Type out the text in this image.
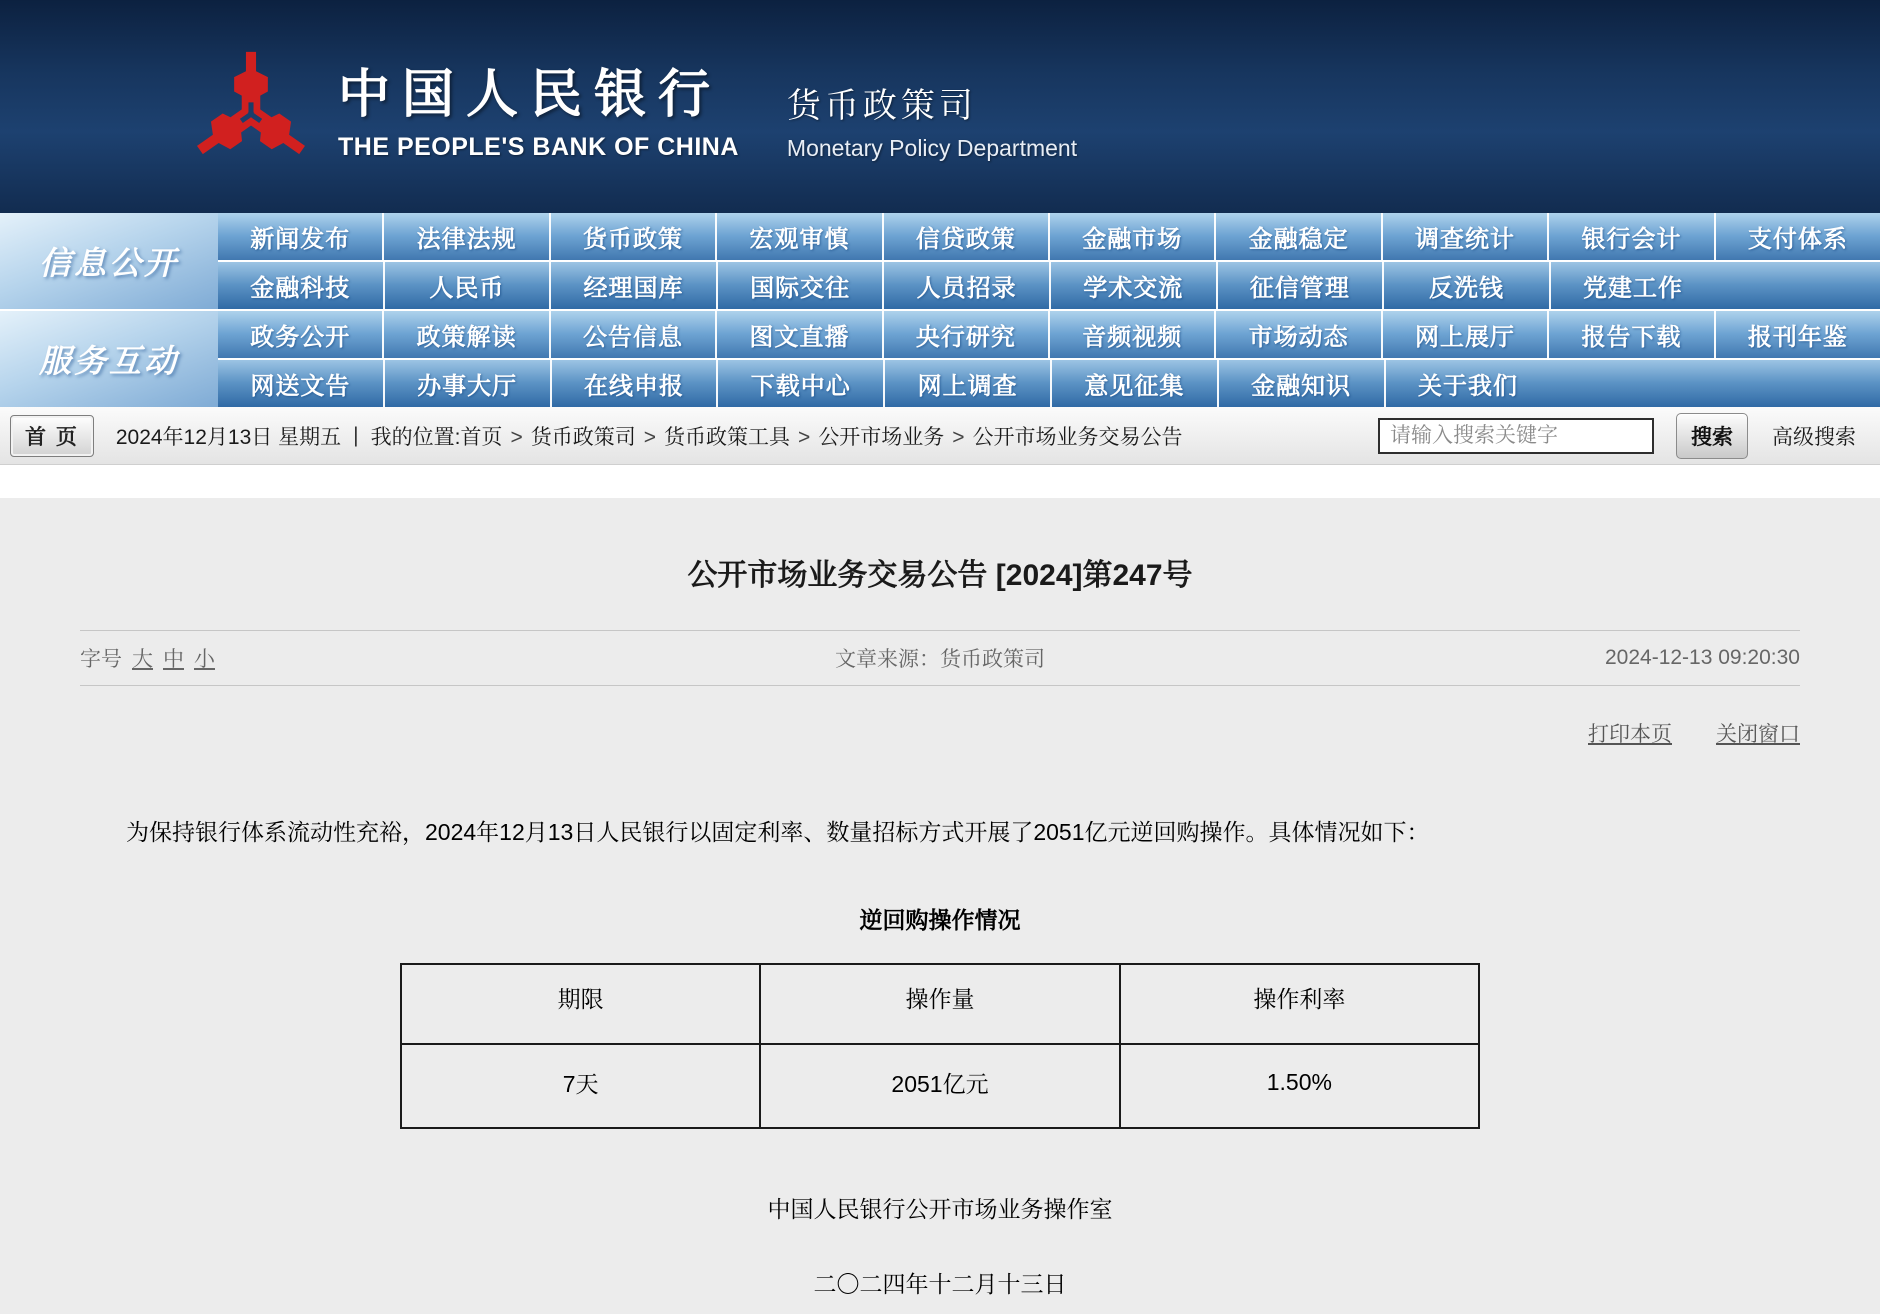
中国人民银行
THE PEOPLE'S BANK OF CHINA
货币政策司
Monetary Policy Department
信息公开
新闻发布	法律法规	货币政策	宏观审慎	信贷政策	金融市场	金融稳定	调查统计	银行会计	支付体系
金融科技	人民币	经理国库	国际交往	人员招录	学术交流	征信管理	反洗钱	党建工作
服务互动
政务公开	政策解读	公告信息	图文直播	央行研究	音频视频	市场动态	网上展厅	报告下载	报刊年鉴
网送文告	办事大厅	在线申报	下载中心	网上调查	意见征集	金融知识	关于我们
首 页	2024年12月13日 星期五 | 我的位置: 首页 > 货币政策司 > 货币政策工具 > 公开市场业务 > 公开市场业务交易公告
请输入搜索关键字	搜索	高级搜索
公开市场业务交易公告 [2024]第247号
字号 大 中 小	文章来源：货币政策司	2024-12-13 09:20:30
打印本页 关闭窗口

为保持银行体系流动性充裕，2024年12月13日人民银行以固定利率、数量招标方式开展了2051亿元逆回购操作。具体情况如下：

逆回购操作情况
期限	操作量	操作利率
7天	2051亿元	1.50%
中国人民银行公开市场业务操作室
二〇二四年十二月十三日
